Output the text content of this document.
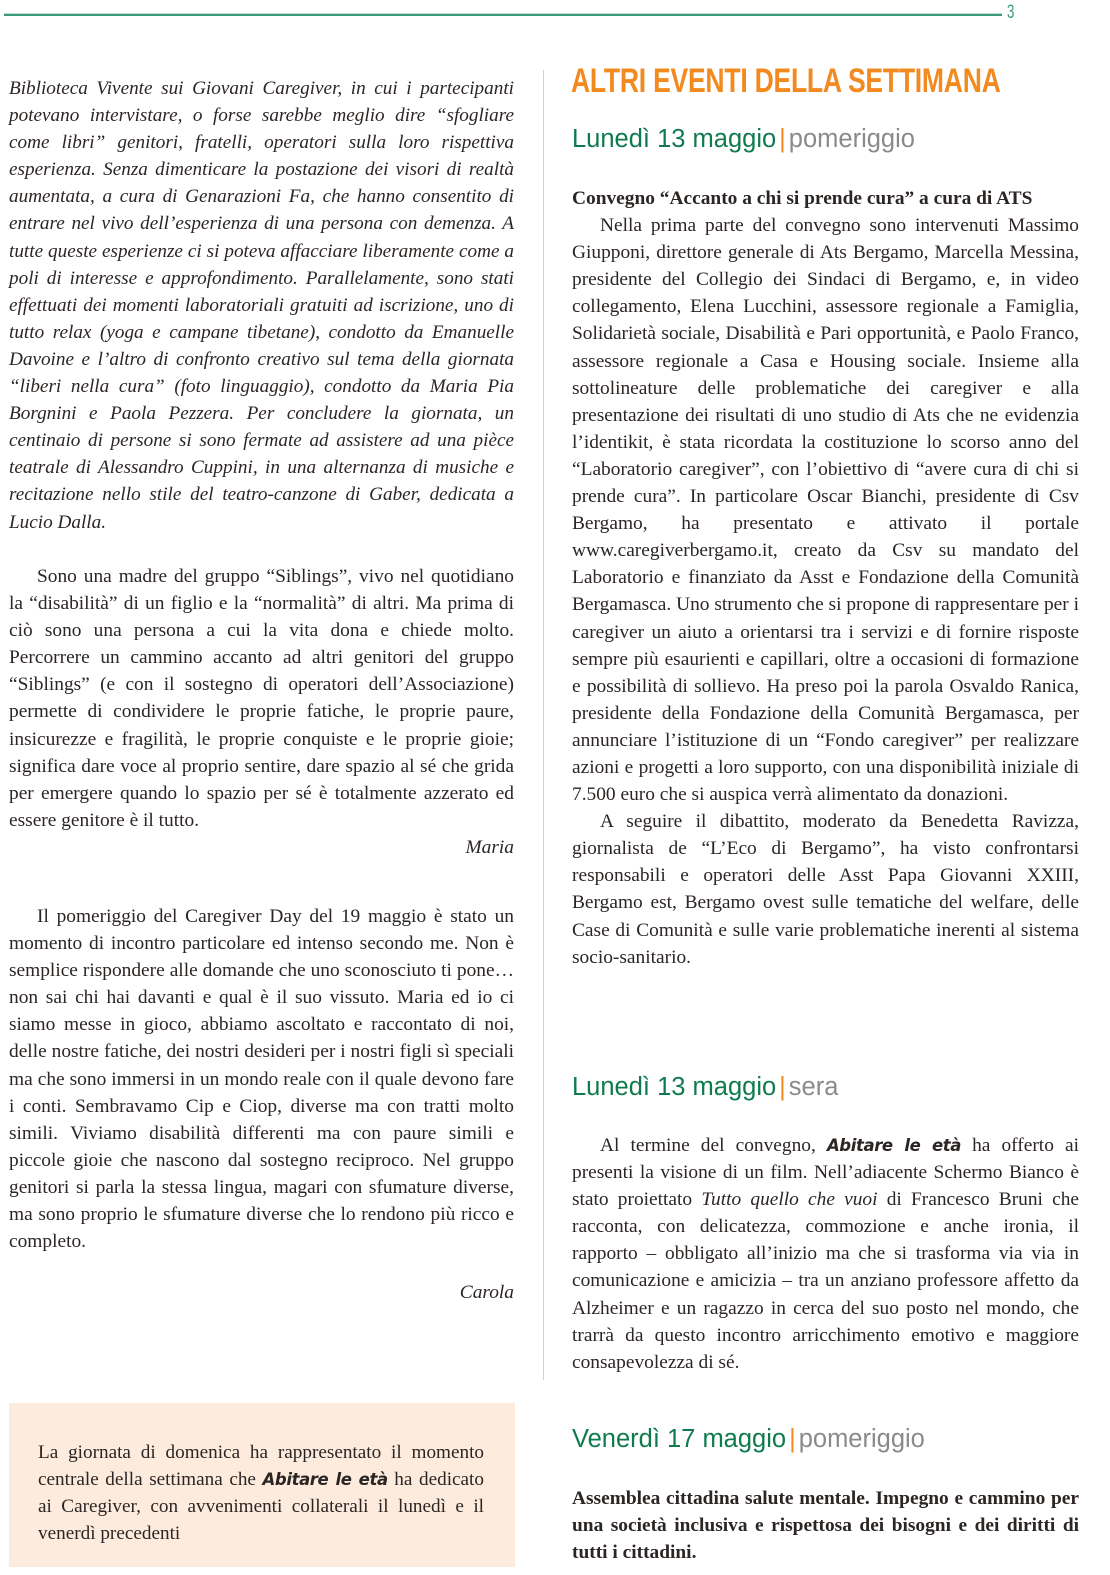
3

Biblioteca Vivente sui Giovani Caregiver, in cui i partecipanti potevano intervistare, o forse sarebbe meglio dire “sfogliare come libri” genitori, fratelli, operatori sulla loro rispettiva esperienza. Senza dimenticare la postazione dei visori di realtà aumentata, a cura di Genarazioni Fa, che hanno consentito di entrare nel vivo dell’esperienza di una persona con demenza. A tutte queste esperienze ci si poteva affacciare liberamente come a poli di interesse e approfondimento. Parallelamente, sono stati effettuati dei momenti laboratoriali gratuiti ad iscrizione, uno di tutto relax (yoga e campane tibetane), condotto da Emanuelle Davoine e l’altro di confronto creativo sul tema della giornata “liberi nella cura” (foto linguaggio), condotto da Maria Pia Borgnini e Paola Pezzera. Per concludere la giornata, un centinaio di persone si sono fermate ad assistere ad una pièce teatrale di Alessandro Cuppini, in una alternanza di musiche e recitazione nello stile del teatro-canzone di Gaber, dedicata a Lucio Dalla.

Sono una madre del gruppo “Siblings”, vivo nel quotidiano la “disabilità” di un figlio e la “normalità” di altri. Ma prima di ciò sono una persona a cui la vita dona e chiede molto. Percorrere un cammino accanto ad altri genitori del gruppo “Siblings” (e con il sostegno di operatori dell’Associazione) permette di condividere le proprie fatiche, le proprie paure, insicurezze e fragilità, le proprie conquiste e le proprie gioie; significa dare voce al proprio sentire, dare spazio al sé che grida per emergere quando lo spazio per sé è totalmente azzerato ed essere genitore è il tutto.

Maria

Il pomeriggio del Caregiver Day del 19 maggio è stato un momento di incontro particolare ed intenso secondo me. Non è semplice rispondere alle domande che uno sconosciuto ti pone… non sai chi hai davanti e qual è il suo vissuto. Maria ed io ci siamo messe in gioco, abbiamo ascoltato e raccontato di noi, delle nostre fatiche, dei nostri desideri per i nostri figli sì speciali ma che sono immersi in un mondo reale con il quale devono fare i conti. Sembravamo Cip e Ciop, diverse ma con tratti molto simili. Viviamo disabilità differenti ma con paure simili e piccole gioie che nascono dal sostegno reciproco. Nel gruppo genitori si parla la stessa lingua, magari con sfumature diverse, ma sono proprio le sfumature diverse che lo rendono più ricco e completo.

Carola

La giornata di domenica ha rappresentato il momento centrale della settimana che Abitare le età ha dedicato ai Caregiver, con avvenimenti collaterali il lunedì e il venerdì precedenti

ALTRI EVENTI DELLA SETTIMANA
Lunedì 13 maggio | pomeriggio

Convegno “Accanto a chi si prende cura” a cura di ATS

Nella prima parte del convegno sono intervenuti Massimo Giupponi, direttore generale di Ats Bergamo, Marcella Messina, presidente del Collegio dei Sindaci di Bergamo, e, in video collegamento, Elena Lucchini, assessore regionale a Famiglia, Solidarietà sociale, Disabilità e Pari opportunità, e Paolo Franco, assessore regionale a Casa e Housing sociale. Insieme alla sottolineature delle problematiche dei caregiver e alla presentazione dei risultati di uno studio di Ats che ne evidenzia l’identikit, è stata ricordata la costituzione lo scorso anno del “Laboratorio caregiver”, con l’obiettivo di “avere cura di chi si prende cura”. In particolare Oscar Bianchi, presidente di Csv Bergamo, ha presentato e attivato il portale www.caregiverbergamo.it, creato da Csv su mandato del Laboratorio e finanziato da Asst e Fondazione della Comunità Bergamasca. Uno strumento che si propone di rappresentare per i caregiver un aiuto a orientarsi tra i servizi e di fornire risposte sempre più esaurienti e capillari, oltre a occasioni di formazione e possibilità di sollievo. Ha preso poi la parola Osvaldo Ranica, presidente della Fondazione della Comunità Bergamasca, per annunciare l’istituzione di un “Fondo caregiver” per realizzare azioni e progetti a loro supporto, con una disponibilità iniziale di 7.500 euro che si auspica verrà alimentato da donazioni.

A seguire il dibattito, moderato da Benedetta Ravizza, giornalista de “L’Eco di Bergamo”, ha visto confrontarsi responsabili e operatori delle Asst Papa Giovanni XXIII, Bergamo est, Bergamo ovest sulle tematiche del welfare, delle Case di Comunità e sulle varie problematiche inerenti al sistema socio-sanitario.

Lunedì 13 maggio | sera

Al termine del convegno, Abitare le età ha offerto ai presenti la visione di un film. Nell’adiacente Schermo Bianco è stato proiettato Tutto quello che vuoi di Francesco Bruni che racconta, con delicatezza, commozione e anche ironia, il rapporto – obbligato all’inizio ma che si trasforma via via in comunicazione e amicizia – tra un anziano professore affetto da Alzheimer e un ragazzo in cerca del suo posto nel mondo, che trarrà da questo incontro arricchimento emotivo e maggiore consapevolezza di sé.

Venerdì 17 maggio | pomeriggio

Assemblea cittadina salute mentale. Impegno e cammino per una società inclusiva e rispettosa dei bisogni e dei diritti di tutti i cittadini.
